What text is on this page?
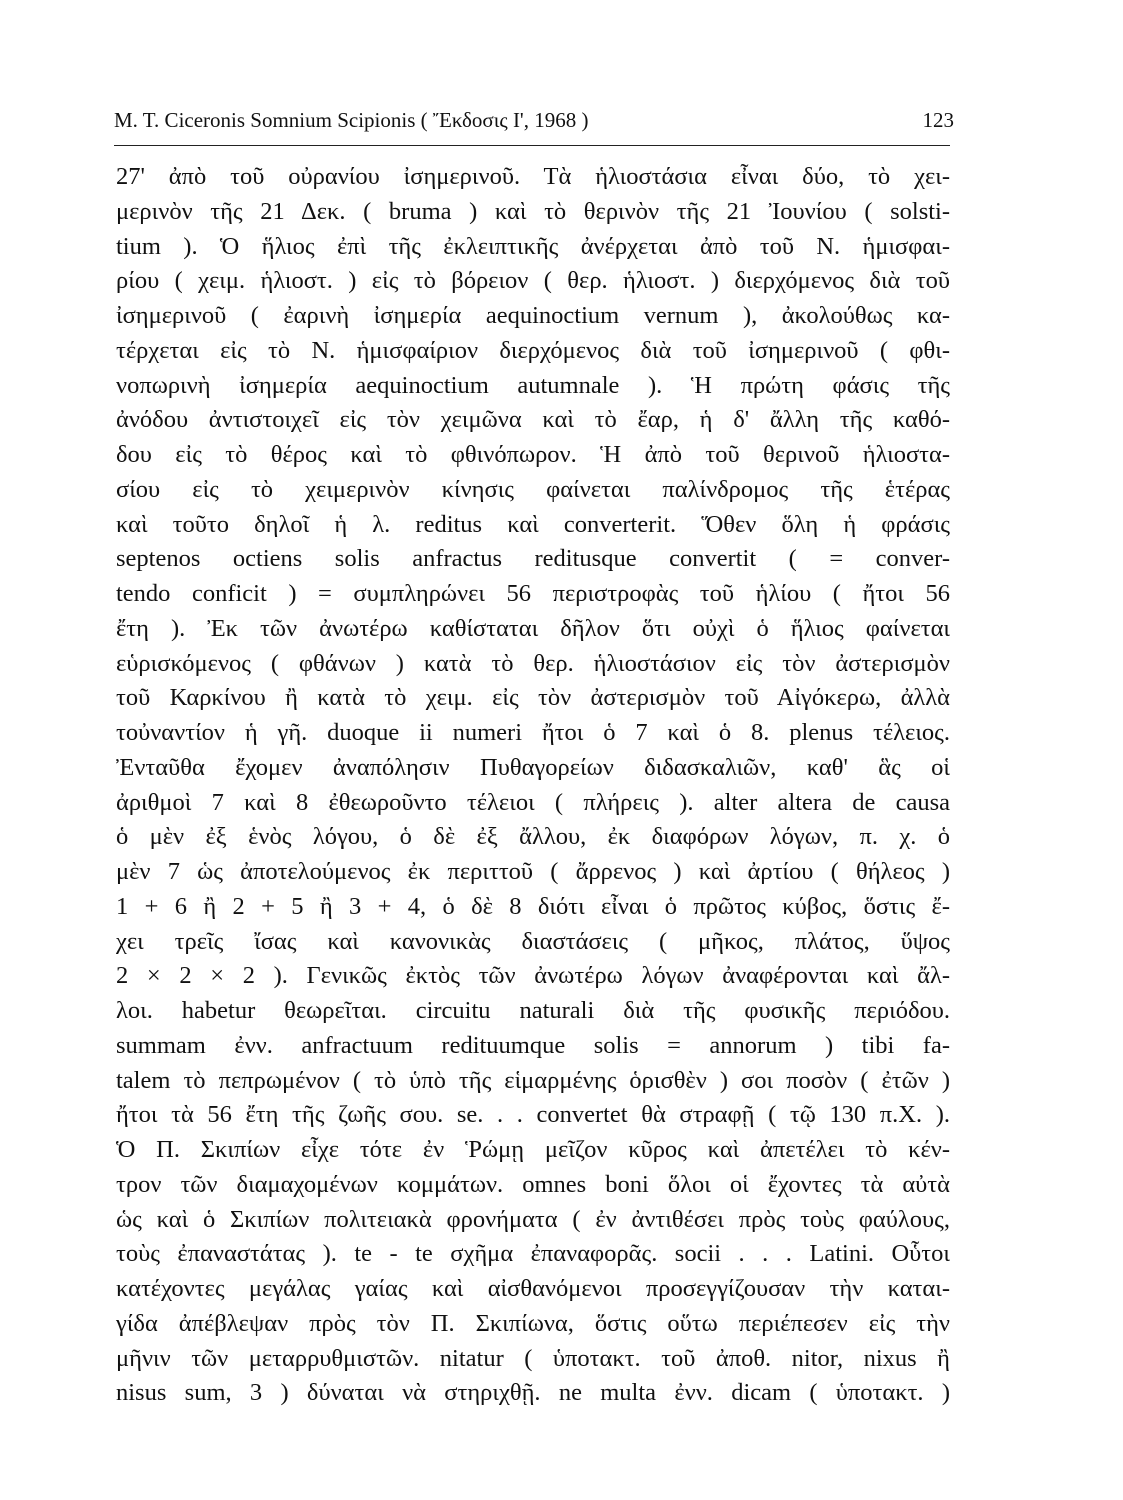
M. T. Ciceronis Somnium Scipionis ( Ἔκδοσις Ι', 1968 )	123
27' ἀπὸ τοῦ οὐρανίου ἰσημερινοῦ. Τὰ ἡλιοστάσια εἶναι δύο, τὸ χει-
μερινὸν τῆς 21 Δεκ. ( bruma ) καὶ τὸ θερινὸν τῆς 21 Ἰουνίου ( solsti-
tium ). Ὁ ἥλιος ἐπὶ τῆς ἐκλειπτικῆς ἀνέρχεται ἀπὸ τοῦ Ν. ἡμισφαι-
ρίου ( χειμ. ἡλιοστ. ) εἰς τὸ βόρειον ( θερ. ἡλιοστ. ) διερχόμενος διὰ τοῦ
ἰσημερινοῦ ( ἐαρινὴ ἰσημερία aequinoctium vernum ), ἀκολούθως κα-
τέρχεται εἰς τὸ Ν. ἡμισφαίριον διερχόμενος διὰ τοῦ ἰσημερινοῦ ( φθι-
νοπωρινὴ ἰσημερία aequinoctium autumnale ). Ἡ πρώτη φάσις τῆς
ἀνόδου ἀντιστοιχεῖ εἰς τὸν χειμῶνα καὶ τὸ ἔαρ, ἡ δ' ἄλλη τῆς καθό-
δου εἰς τὸ θέρος καὶ τὸ φθινόπωρον. Ἡ ἀπὸ τοῦ θερινοῦ ἡλιοστα-
σίου εἰς τὸ χειμερινὸν κίνησις φαίνεται παλίνδρομος τῆς ἑτέρας
καὶ τοῦτο δηλοῖ ἡ λ. reditus καὶ converterit. Ὅθεν ὅλη ἡ φράσις
septenos octiens solis anfractus reditusque convertit ( = conver-
tendo conficit ) = συμπληρώνει 56 περιστροφὰς τοῦ ἡλίου ( ἤτοι 56
ἔτη ). Ἐκ τῶν ἀνωτέρω καθίσταται δῆλον ὅτι οὐχὶ ὁ ἥλιος φαίνεται
εὑρισκόμενος ( φθάνων ) κατὰ τὸ θερ. ἡλιοστάσιον εἰς τὸν ἀστερισμὸν
τοῦ Καρκίνου ἢ κατὰ τὸ χειμ. εἰς τὸν ἀστερισμὸν τοῦ Αἰγόκερω, ἀλλὰ
τοὐναντίον ἡ γῆ. duoque ii numeri ἤτοι ὁ 7 καὶ ὁ 8. plenus τέλειος.
Ἐνταῦθα ἔχομεν ἀναπόλησιν Πυθαγορείων διδασκαλιῶν, καθ' ἃς οἱ
ἀριθμοὶ 7 καὶ 8 ἐθεωροῦντο τέλειοι ( πλήρεις ). alter altera de causa
ὁ μὲν ἐξ ἑνὸς λόγου, ὁ δὲ ἐξ ἄλλου, ἐκ διαφόρων λόγων, π. χ. ὁ
μὲν 7 ὡς ἀποτελούμενος ἐκ περιττοῦ ( ἄρρενος ) καὶ ἀρτίου ( θήλεος )
1 + 6 ἢ 2 + 5 ἢ 3 + 4, ὁ δὲ 8 διότι εἶναι ὁ πρῶτος κύβος, ὅστις ἔ-
χει τρεῖς ἴσας καὶ κανονικὰς διαστάσεις ( μῆκος, πλάτος, ὕψος
2 × 2 × 2 ). Γενικῶς ἐκτὸς τῶν ἀνωτέρω λόγων ἀναφέρονται καὶ ἄλ-
λοι. habetur θεωρεῖται. circuitu naturali διὰ τῆς φυσικῆς περιόδου.
summam ἐνν. anfractuum redituumque solis = annorum ) tibi fa-
talem τὸ πεπρωμένον ( τὸ ὑπὸ τῆς εἱμαρμένης ὁρισθὲν ) σοι ποσὸν ( ἐτῶν )
ἤτοι τὰ 56 ἔτη τῆς ζωῆς σου. se. . . convertet θὰ στραφῇ ( τῷ 130 π.Χ. ).
Ὁ Π. Σκιπίων εἶχε τότε ἐν Ῥώμῃ μεῖζον κῦρος καὶ ἀπετέλει τὸ κέν-
τρον τῶν διαμαχομένων κομμάτων. omnes boni ὅλοι οἱ ἔχοντες τὰ αὐτὰ
ὡς καὶ ὁ Σκιπίων πολιτειακὰ φρονήματα ( ἐν ἀντιθέσει πρὸς τοὺς φαύλους,
τοὺς ἐπαναστάτας ). te - te σχῆμα ἐπαναφορᾶς. socii . . . Latini. Οὗτοι
κατέχοντες μεγάλας γαίας καὶ αἰσθανόμενοι προσεγγίζουσαν τὴν καται-
γίδα ἀπέβλεψαν πρὸς τὸν Π. Σκιπίωνα, ὅστις οὕτω περιέπεσεν εἰς τὴν
μῆνιν τῶν μεταρρυθμιστῶν. nitatur ( ὑποτακτ. τοῦ ἀποθ. nitor, nixus ἢ
nisus sum, 3 ) δύναται νὰ στηριχθῇ. ne multa ἐνν. dicam ( ὑποτακτ. )
